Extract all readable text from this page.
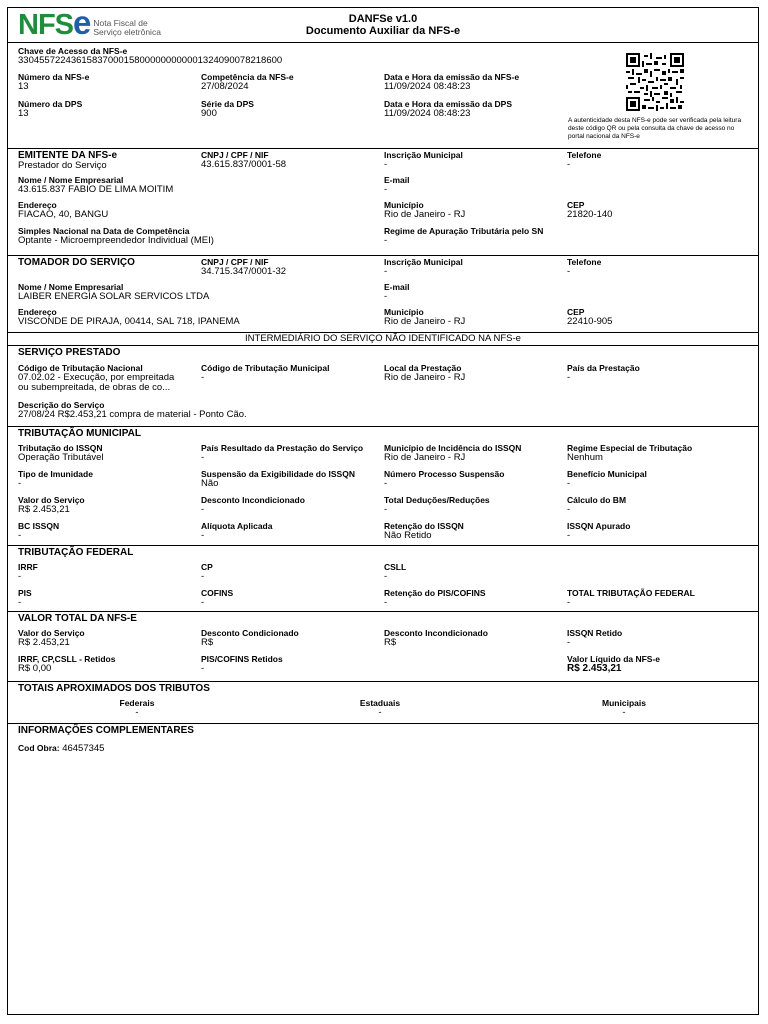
NFSe Nota Fiscal de
Serviço eletrônica
DANFSe v1.0
Documento Auxiliar da NFS-e
Chave de Acesso da NFS-e
33045572243615837000158000000000001324090078218600
Número da NFS-e
13
Competência da NFS-e
27/08/2024
Data e Hora da emissão da NFS-e
11/09/2024 08:48:23
Número da DPS
13
Série da DPS
900
Data e Hora da emissão da DPS
11/09/2024 08:48:23
A autenticidade desta NFS-e pode ser verificada pela leitura deste código QR ou pela consulta da chave de acesso no portal nacional da NFS-e
EMITENTE DA NFS-e
Prestador do Serviço
CNPJ / CPF / NIF
43.615.837/0001-58
Inscrição Municipal
-
Telefone
-
Nome / Nome Empresarial
43.615.837 FABIO DE LIMA MOITIM
E-mail
-
Endereço
FIACAO, 40, BANGU
Município
Rio de Janeiro - RJ
CEP
21820-140
Simples Nacional na Data de Competência
Optante - Microempreendedor Individual (MEI)
Regime de Apuração Tributária pelo SN
-
TOMADOR DO SERVIÇO	CNPJ / CPF / NIF
34.715.347/0001-32
Inscrição Municipal
-
Telefone
-
Nome / Nome Empresarial
LAIBER ENERGIA SOLAR SERVICOS LTDA
E-mail
-
Endereço
VISCONDE DE PIRAJA, 00414, SAL 718, IPANEMA
Município
Rio de Janeiro - RJ
CEP
22410-905
INTERMEDIÁRIO DO SERVIÇO NÃO IDENTIFICADO NA NFS-e
SERVIÇO PRESTADO
Código de Tributação Nacional
07.02.02 - Execução, por empreitada
ou subempreitada, de obras de co...
Código de Tributação Municipal
-
Local da Prestação
Rio de Janeiro - RJ
País da Prestação
-
Descrição do Serviço
27/08/24 R$2.453,21 compra de material - Ponto Cão.
TRIBUTAÇÃO MUNICIPAL
Tributação do ISSQN
Operação Tributável
País Resultado da Prestação do Serviço
-
Município de Incidência do ISSQN
Rio de Janeiro - RJ
Regime Especial de Tributação
Nenhum
Tipo de Imunidade
-
Suspensão da Exigibilidade do ISSQN
Não
Número Processo Suspensão
-
Benefício Municipal
-
Valor do Serviço
R$ 2.453,21
Desconto Incondicionado
-
Total Deduções/Reduções
-
Cálculo do BM
-
BC ISSQN
-
Alíquota Aplicada
-
Retenção do ISSQN
Não Retido
ISSQN Apurado
-
TRIBUTAÇÃO FEDERAL
IRRF
-
CP
-
CSLL
-
PIS
-
COFINS
-
Retenção do PIS/COFINS
-
TOTAL TRIBUTAÇÃO FEDERAL
-
VALOR TOTAL DA NFS-E
Valor do Serviço
R$ 2.453,21
Desconto Condicionado
R$
Desconto Incondicionado
R$
ISSQN Retido
-
IRRF, CP,CSLL - Retidos
R$ 0,00
PIS/COFINS Retidos
-
Valor Líquido da NFS-e
R$ 2.453,21
TOTAIS APROXIMADOS DOS TRIBUTOS
Federais
-
Estaduais
-
Municipais
-
INFORMAÇÕES COMPLEMENTARES
Cod Obra: 46457345
